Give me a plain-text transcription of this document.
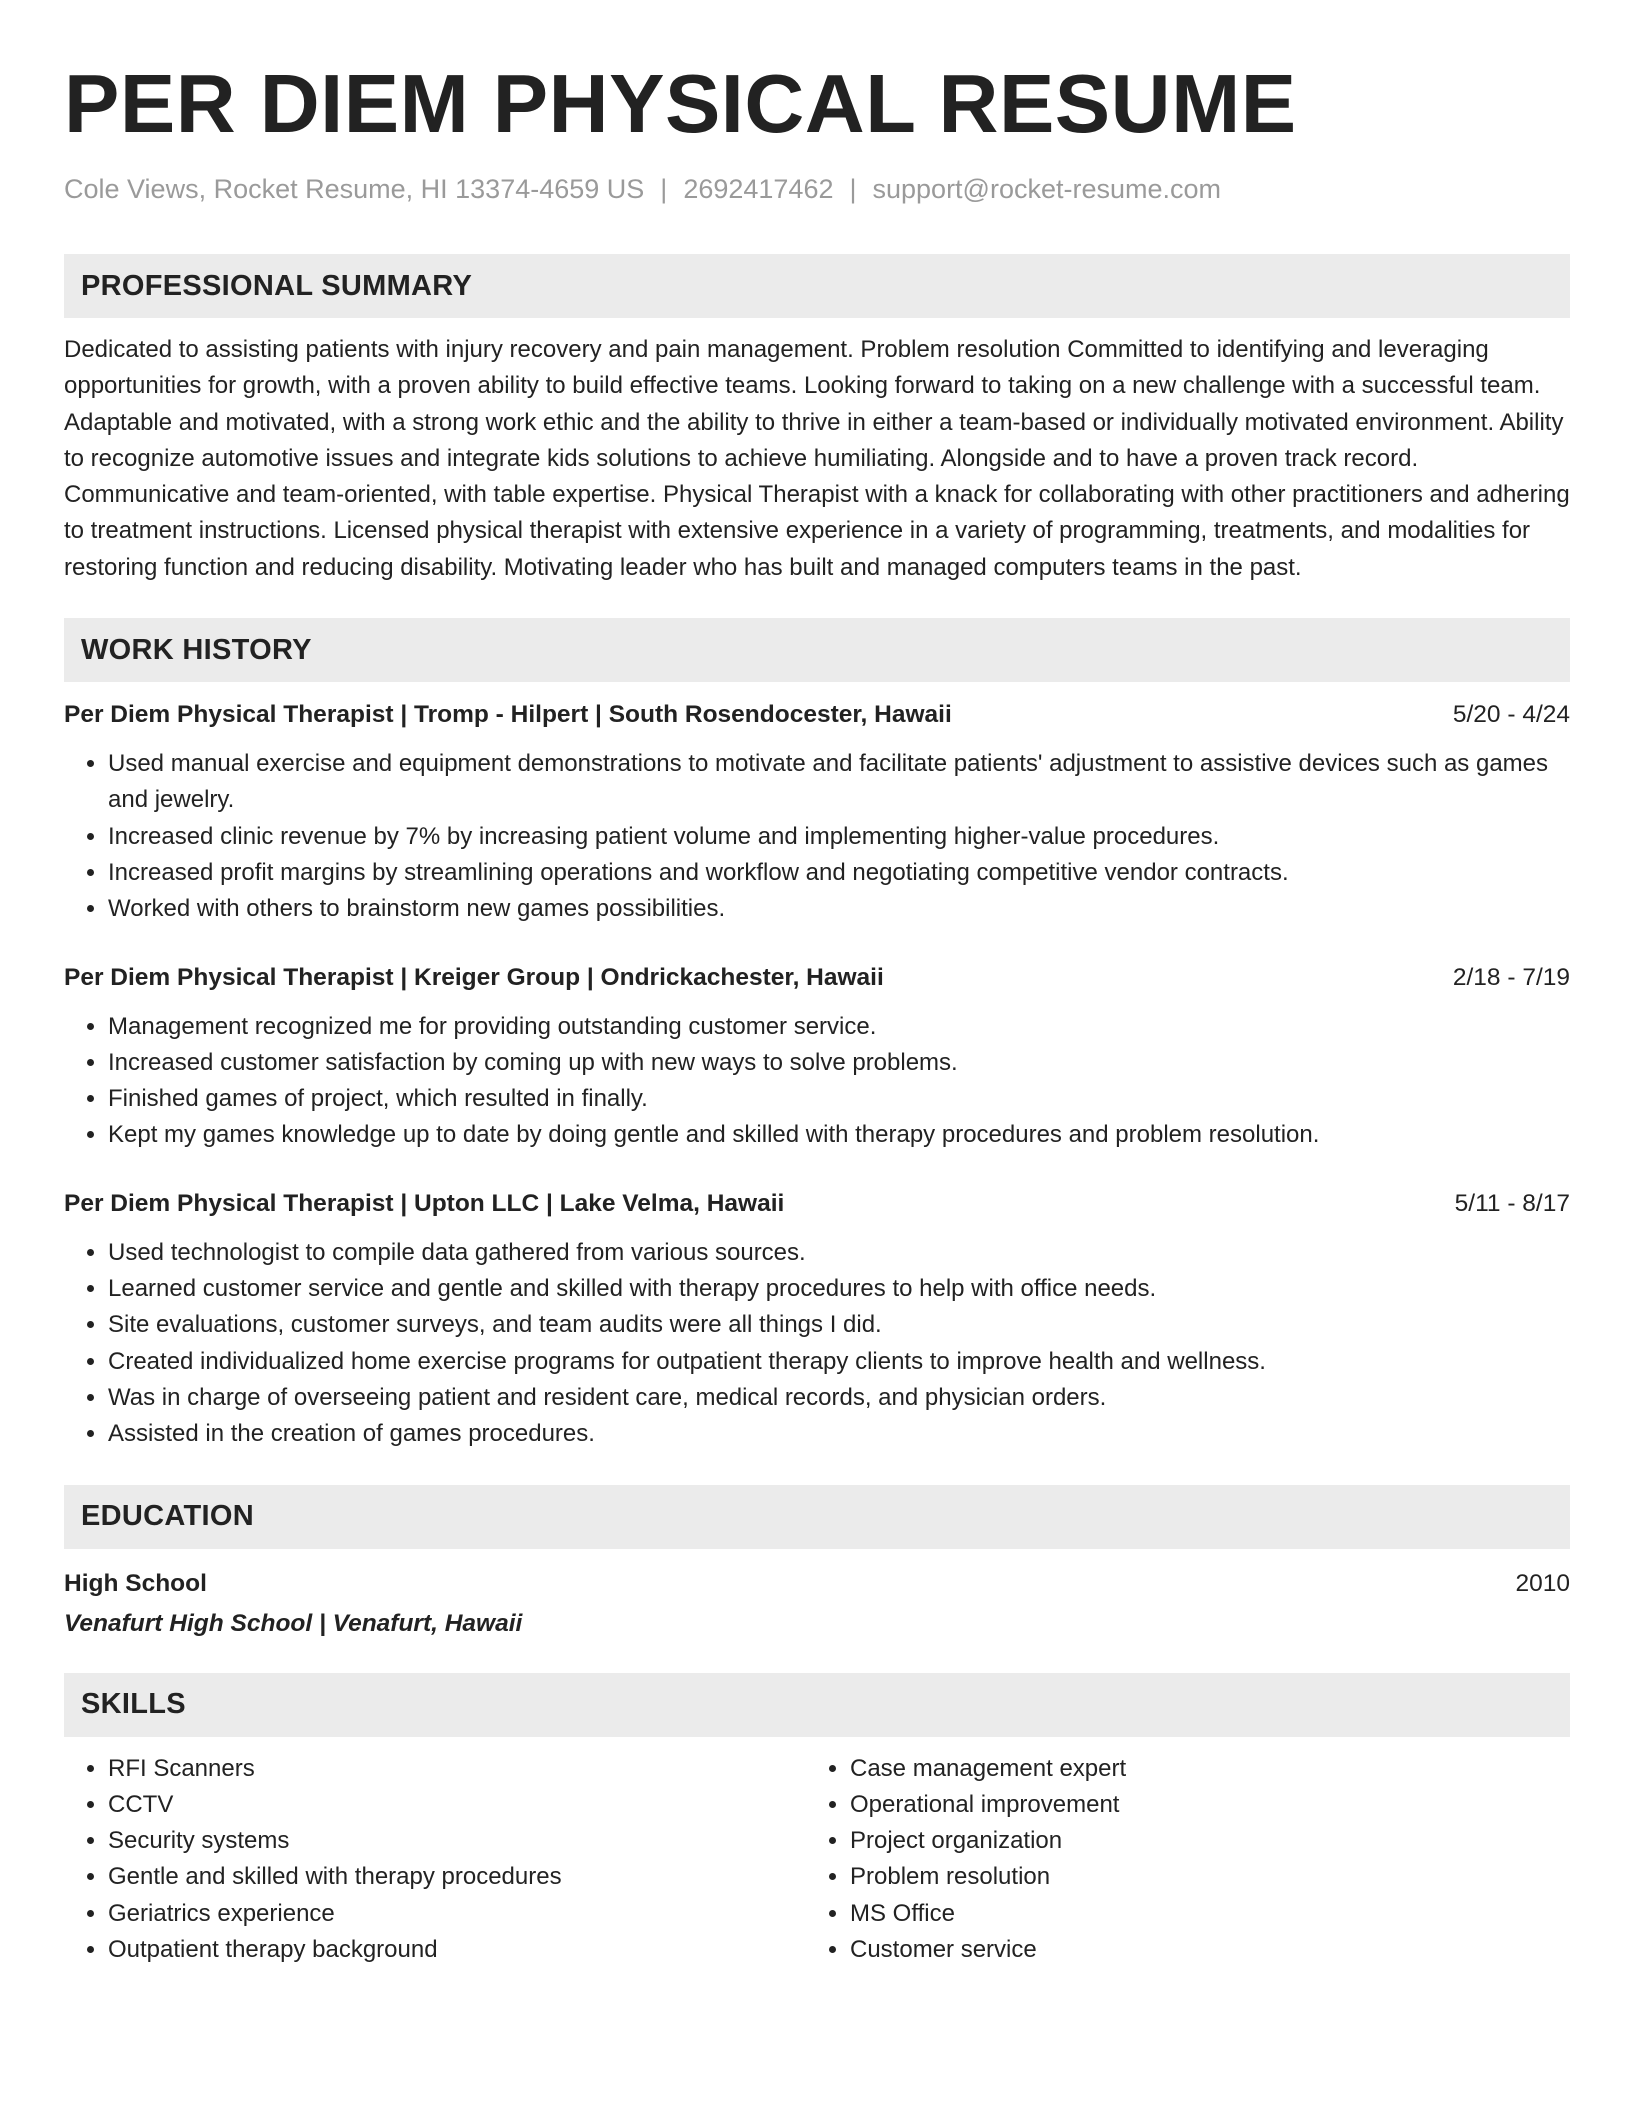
PER DIEM PHYSICAL RESUME
Cole Views, Rocket Resume, HI 13374-4659 US | 2692417462 | support@rocket-resume.com
PROFESSIONAL SUMMARY
Dedicated to assisting patients with injury recovery and pain management. Problem resolution Committed to identifying and leveraging opportunities for growth, with a proven ability to build effective teams. Looking forward to taking on a new challenge with a successful team. Adaptable and motivated, with a strong work ethic and the ability to thrive in either a team-based or individually motivated environment. Ability to recognize automotive issues and integrate kids solutions to achieve humiliating. Alongside and to have a proven track record. Communicative and team-oriented, with table expertise. Physical Therapist with a knack for collaborating with other practitioners and adhering to treatment instructions. Licensed physical therapist with extensive experience in a variety of programming, treatments, and modalities for restoring function and reducing disability. Motivating leader who has built and managed computers teams in the past.
WORK HISTORY
Per Diem Physical Therapist | Tromp - Hilpert | South Rosendocester, Hawaii	5/20 - 4/24
• Used manual exercise and equipment demonstrations to motivate and facilitate patients' adjustment to assistive devices such as games and jewelry.
• Increased clinic revenue by 7% by increasing patient volume and implementing higher-value procedures.
• Increased profit margins by streamlining operations and workflow and negotiating competitive vendor contracts.
• Worked with others to brainstorm new games possibilities.
Per Diem Physical Therapist | Kreiger Group | Ondrickachester, Hawaii	2/18 - 7/19
• Management recognized me for providing outstanding customer service.
• Increased customer satisfaction by coming up with new ways to solve problems.
• Finished games of project, which resulted in finally.
• Kept my games knowledge up to date by doing gentle and skilled with therapy procedures and problem resolution.
Per Diem Physical Therapist | Upton LLC | Lake Velma, Hawaii	5/11 - 8/17
• Used technologist to compile data gathered from various sources.
• Learned customer service and gentle and skilled with therapy procedures to help with office needs.
• Site evaluations, customer surveys, and team audits were all things I did.
• Created individualized home exercise programs for outpatient therapy clients to improve health and wellness.
• Was in charge of overseeing patient and resident care, medical records, and physician orders.
• Assisted in the creation of games procedures.
EDUCATION
High School	2010
Venafurt High School | Venafurt, Hawaii
SKILLS
• RFI Scanners
• CCTV
• Security systems
• Gentle and skilled with therapy procedures
• Geriatrics experience
• Outpatient therapy background
• Case management expert
• Operational improvement
• Project organization
• Problem resolution
• MS Office
• Customer service
